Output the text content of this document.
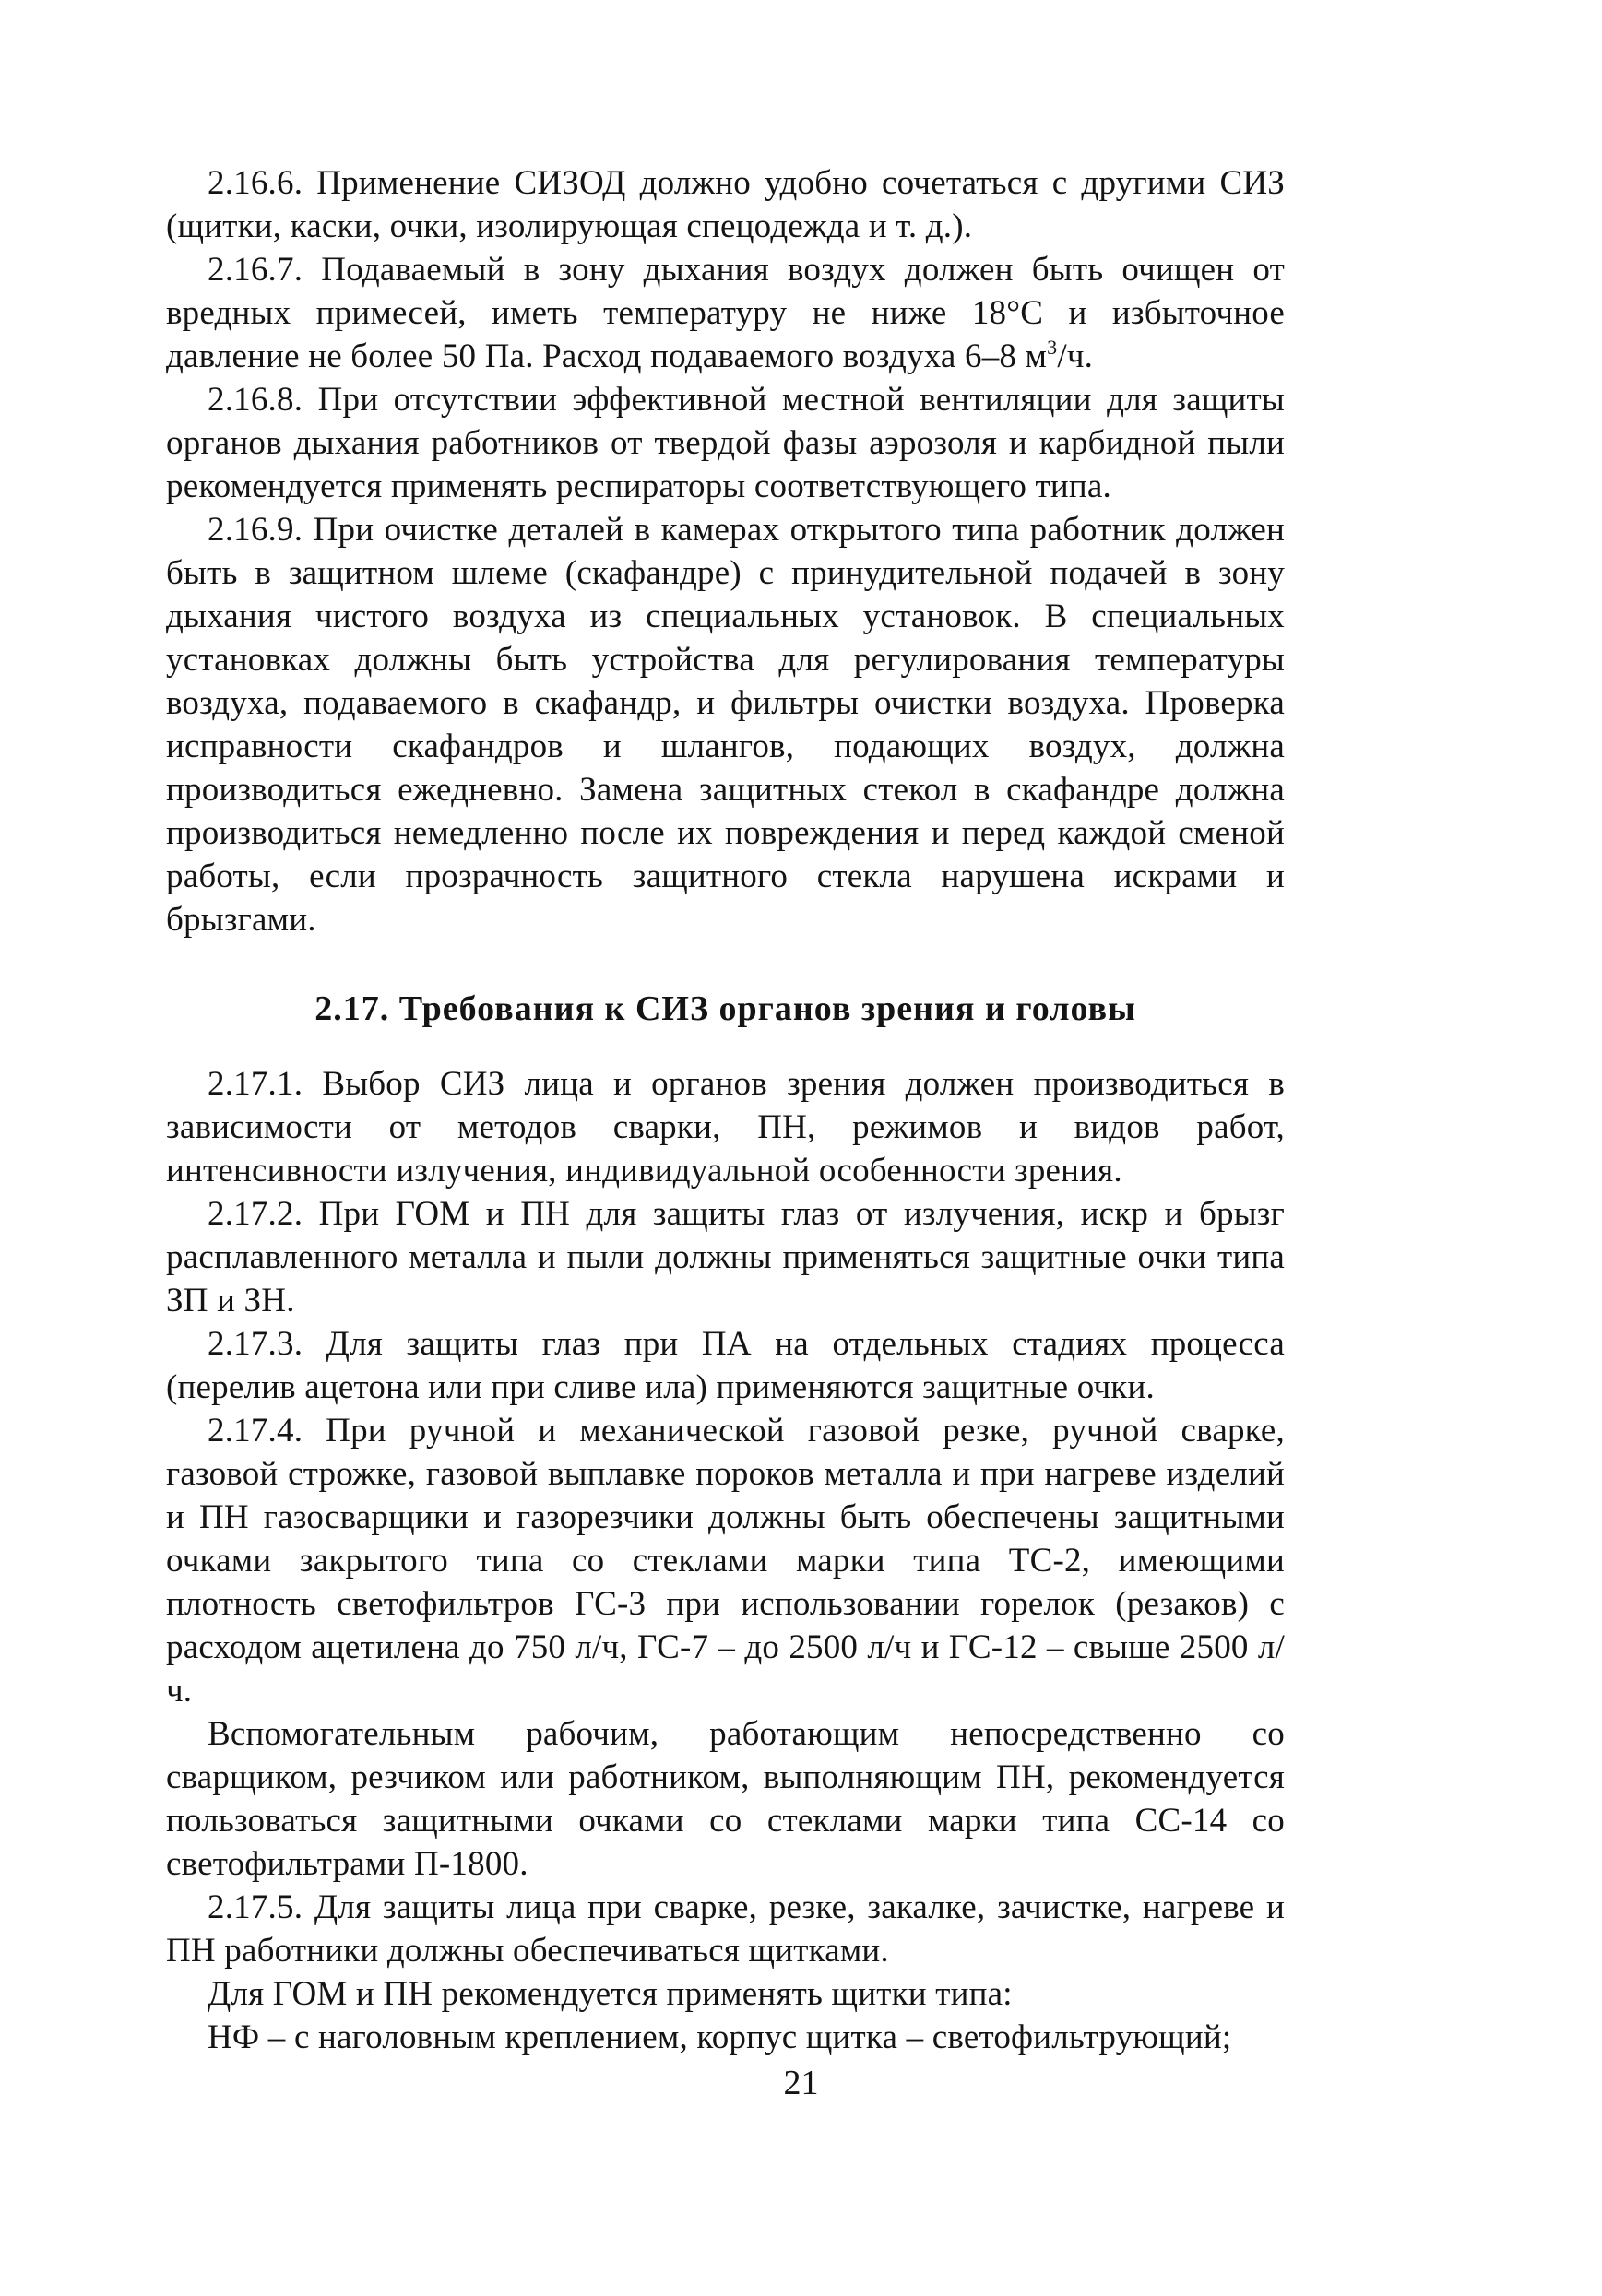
2.16.6. Применение СИЗОД должно удобно сочетаться с другими СИЗ (щитки, каски, очки, изолирующая спецодежда и т. д.).

2.16.7. Подаваемый в зону дыхания воздух должен быть очищен от вредных примесей, иметь температуру не ниже 18°С и избыточное давление не более 50 Па. Расход подаваемого воздуха 6–8 $м^3/ч$.

2.16.8. При отсутствии эффективной местной вентиляции для защиты органов дыхания работников от твердой фазы аэрозоля и карбидной пыли рекомендуется применять респираторы соответствующего типа.

2.16.9. При очистке деталей в камерах открытого типа работник должен быть в защитном шлеме (скафандре) с принудительной подачей в зону дыхания чистого воздуха из специальных установок. В специальных установках должны быть устройства для регулирования температуры воздуха, подаваемого в скафандр, и фильтры очистки воздуха. Проверка исправности скафандров и шлангов, подающих воздух, должна производиться ежедневно. Замена защитных стекол в скафандре должна производиться немедленно после их повреждения и перед каждой сменой работы, если прозрачность защитного стекла нарушена искрами и брызгами.

2.17. Требования к СИЗ органов зрения и головы

2.17.1. Выбор СИЗ лица и органов зрения должен производиться в зависимости от методов сварки, ПН, режимов и видов работ, интенсивности излучения, индивидуальной особенности зрения.

2.17.2. При ГОМ и ПН для защиты глаз от излучения, искр и брызг расплавленного металла и пыли должны применяться защитные очки типа ЗП и ЗН.

2.17.3. Для защиты глаз при ПА на отдельных стадиях процесса (перелив ацетона или при сливе ила) применяются защитные очки.

2.17.4. При ручной и механической газовой резке, ручной сварке, газовой строжке, газовой выплавке пороков металла и при нагреве изделий и ПН газосварщики и газорезчики должны быть обеспечены защитными очками закрытого типа со стеклами марки типа ТС-2, имеющими плотность светофильтров ГС-3 при использовании горелок (резаков) с расходом ацетилена до 750 л/ч, ГС-7 – до 2500 л/ч и ГС-12 – свыше 2500 л/ч.

Вспомогательным рабочим, работающим непосредственно со сварщиком, резчиком или работником, выполняющим ПН, рекомендуется пользоваться защитными очками со стеклами марки типа СС-14 со светофильтрами П-1800.

2.17.5. Для защиты лица при сварке, резке, закалке, зачистке, нагреве и ПН работники должны обеспечиваться щитками.

Для ГОМ и ПН рекомендуется применять щитки типа:

НФ – с наголовным креплением, корпус щитка – светофильтрующий;

21
